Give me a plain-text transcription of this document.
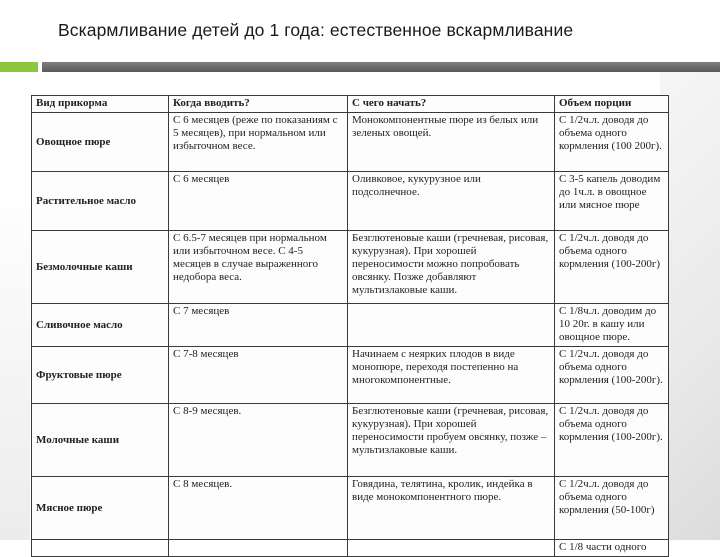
Вскармливание детей до 1 года: естественное вскармливание
Вид прикорма	Когда вводить?	С чего начать?	Объем порции
Овощное пюре	С 6 месяцев (реже по показаниям с 5 месяцев), при нормальном или избыточном весе.	Монокомпонентные пюре из белых или зеленых овощей.	С 1/2ч.л. доводя до объема одного кормления (100 200г).
Растительное масло	С 6 месяцев	Оливковое, кукурузное или подсолнечное.	С 3-5 капель доводим до 1ч.л. в овощное или мясное пюре
Безмолочные каши	С 6.5-7 месяцев при нормальном или избыточном весе. С 4-5 месяцев в случае выраженного недобора веса.	Безглютеновые каши (гречневая, рисовая, кукурузная). При хорошей переносимости можно попробовать овсянку. Позже добавляют мультизлаковые каши.	С 1/2ч.л. доводя до объема одного кормления (100-200г)
Сливочное масло	С 7 месяцев		С 1/8ч.л. доводим до 10 20г. в кашу или овощное пюре.
Фруктовые пюре	С 7-8 месяцев	Начинаем с неярких плодов в виде монопюре, переходя постепенно на многокомпонентные.	С 1/2ч.л. доводя до объема одного кормления (100-200г).
Молочные каши	С 8-9 месяцев.	Безглютеновые каши (гречневая, рисовая, кукурузная). При хорошей переносимости пробуем овсянку, позже – мультизлаковые каши.	С 1/2ч.л. доводя до объема одного кормления (100-200г).
Мясное пюре	С 8 месяцев.	Говядина, телятина, кролик, индейка в виде монокомпонентного пюре.	С 1/2ч.л. доводя до объема одного кормления (50-100г)
			С 1/8 части одного
